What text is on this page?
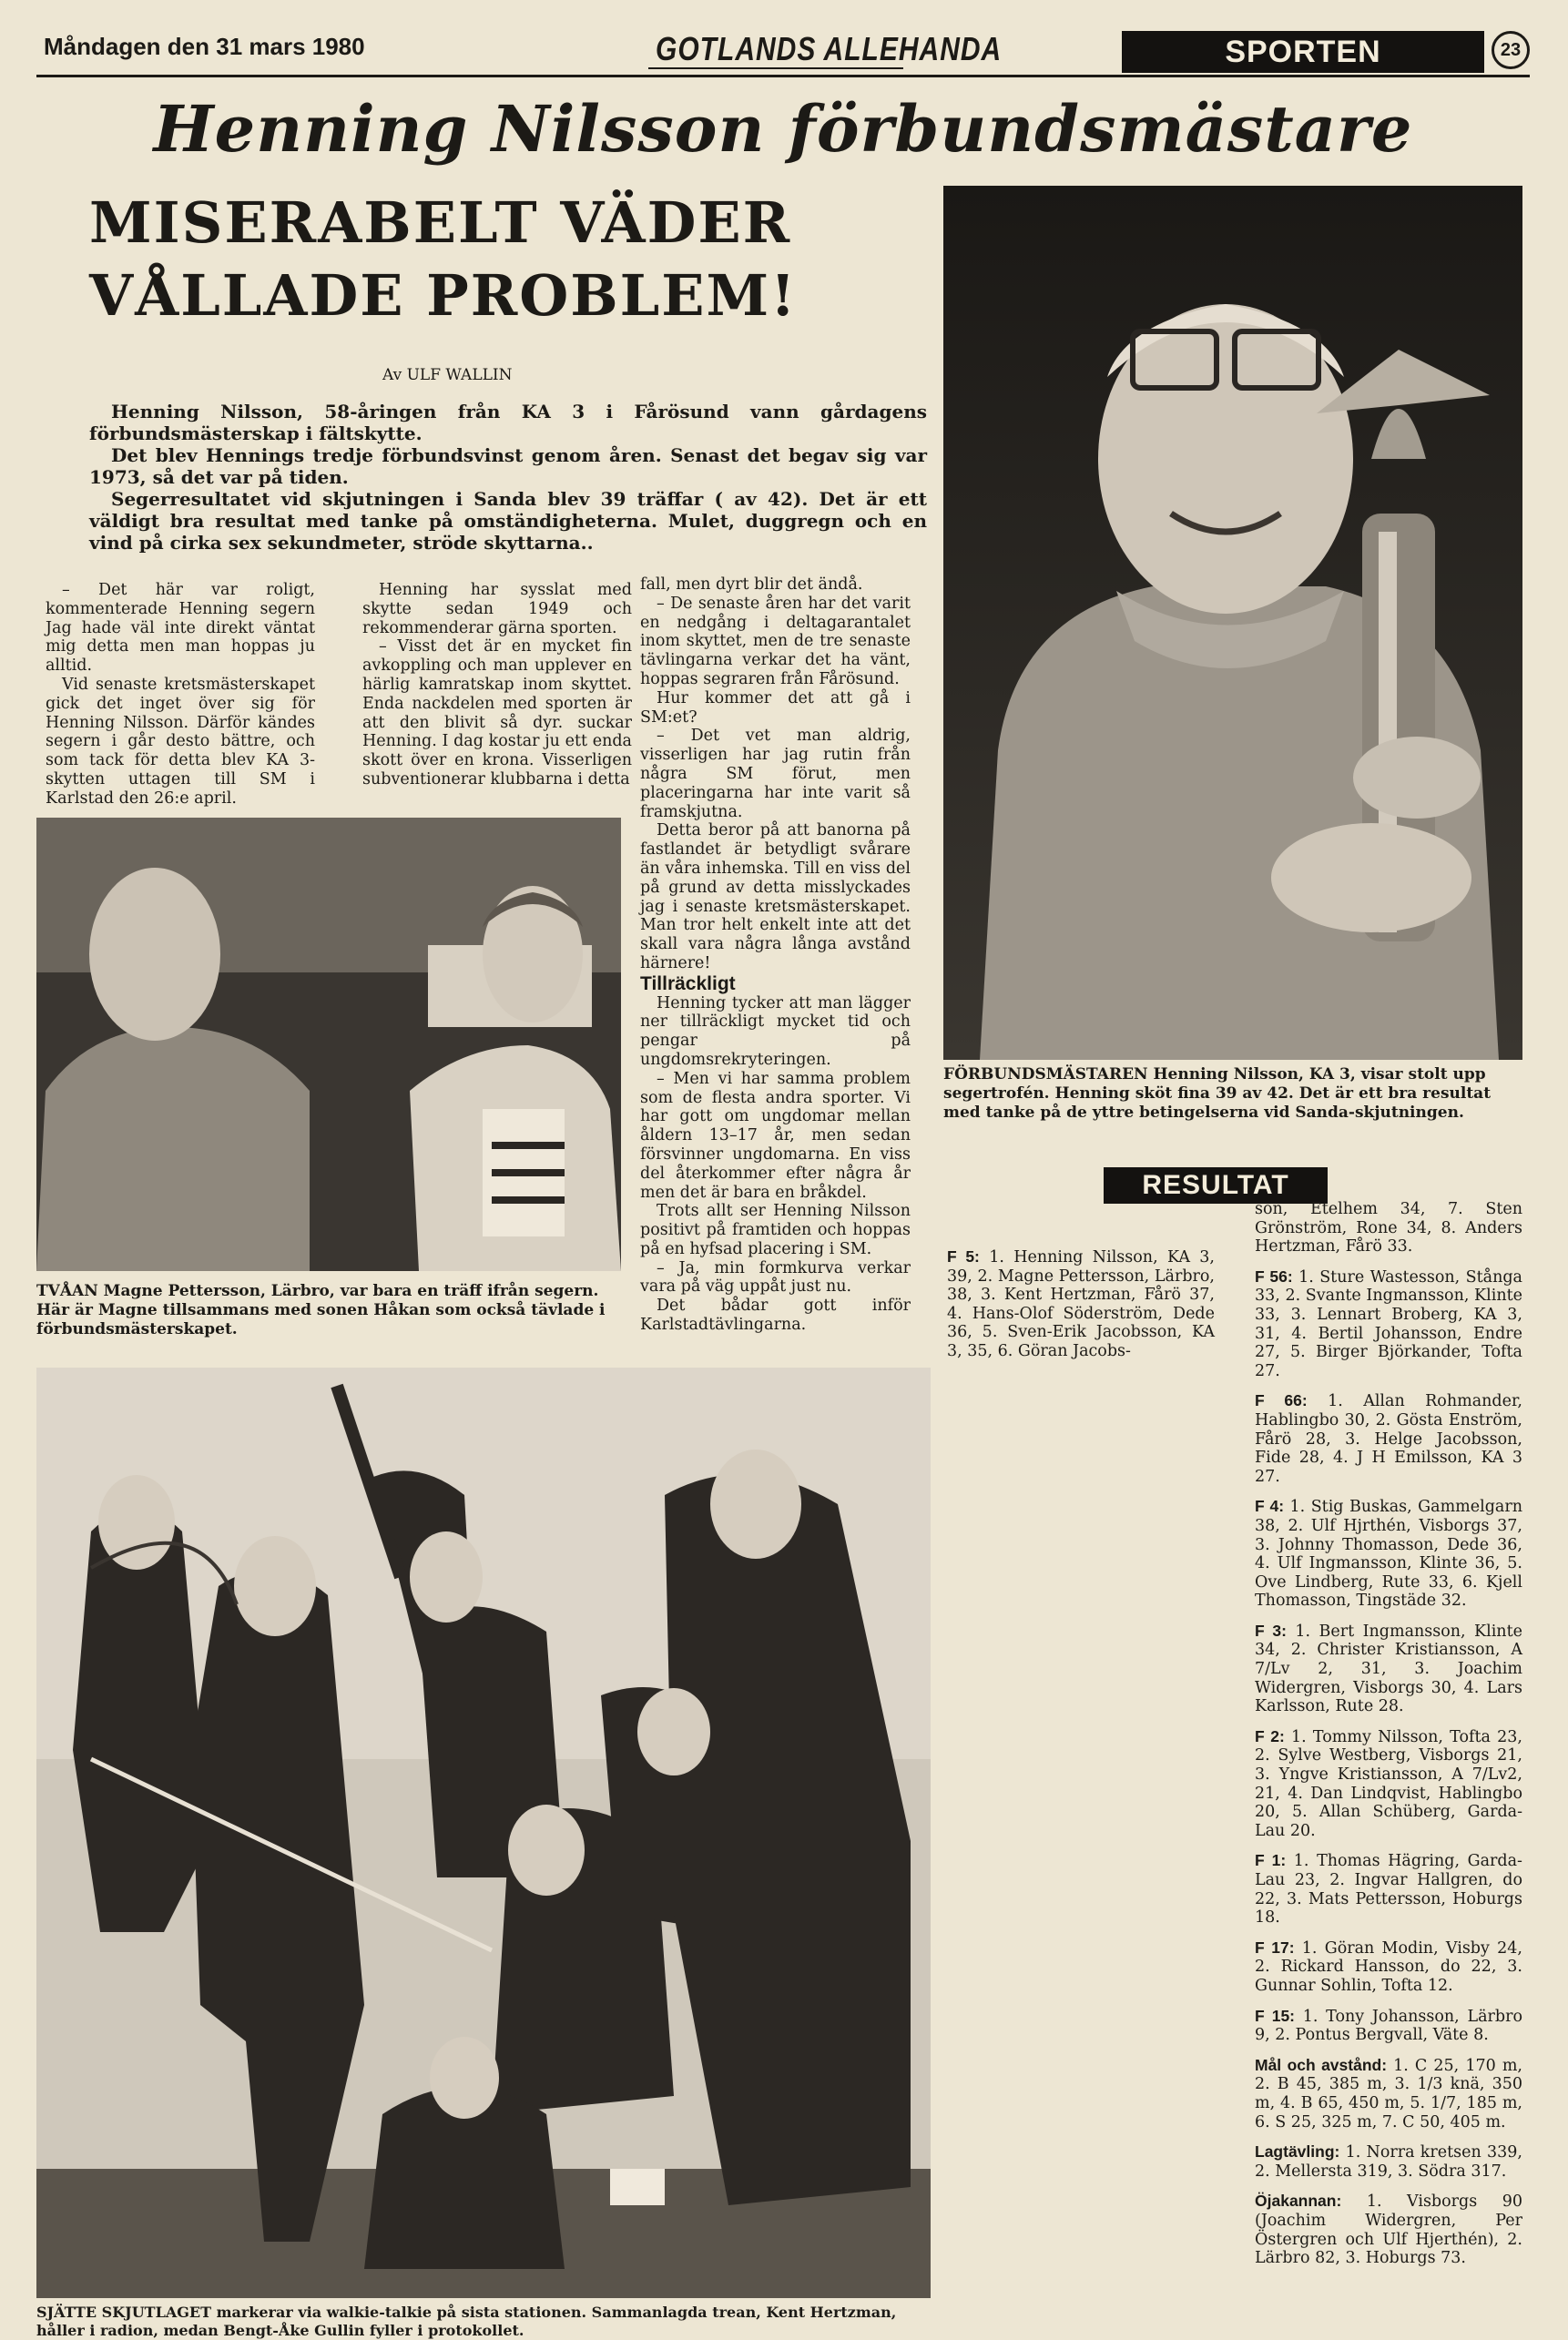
Måndagen den 31 mars 1980	GOTLANDS ALLEHANDA	SPORTEN	23
Henning Nilsson förbundsmästare
MISERABELT VÄDER
VÅLLADE PROBLEM!
Av ULF WALLIN

Henning Nilsson, 58-åringen från KA 3 i Fårösund vann gårdagens förbundsmästerskap i fältskytte.

Det blev Hennings tredje förbundsvinst genom åren. Senast det begav sig var 1973, så det var på tiden.

Segerresultatet vid skjutningen i Sanda blev 39 träffar ( av 42). Det är ett väldigt bra resultat med tanke på omständigheterna. Mulet, duggregn och en vind på cirka sex sekundmeter, ströde skyttarna..

– Det här var roligt, kommenterade Henning segern Jag hade väl inte direkt väntat mig detta men man hoppas ju alltid.

Vid senaste kretsmästerskapet gick det inget över sig för Henning Nilsson. Därför kändes segern i går desto bättre, och som tack för detta blev KA 3-skytten uttagen till SM i Karlstad den 26:e april.

Henning har sysslat med skytte sedan 1949 och rekommenderar gärna sporten.

– Visst det är en mycket fin avkoppling och man upplever en härlig kamratskap inom skyttet. Enda nackdelen med sporten är att den blivit så dyr. suckar Henning. I dag kostar ju ett enda skott över en krona. Visserligen subventionerar klubbarna i detta

fall, men dyrt blir det ändå.

– De senaste åren har det varit en nedgång i deltagarantalet inom skyttet, men de tre senaste tävlingarna verkar det ha vänt, hoppas segraren från Fårösund.

Hur kommer det att gå i SM:et?

– Det vet man aldrig, visserligen har jag rutin från några SM förut, men placeringarna har inte varit så framskjutna.

Detta beror på att banorna på fastlandet är betydligt svårare än våra inhemska. Till en viss del på grund av detta misslyckades jag i senaste kretsmästerskapet. Man tror helt enkelt inte att det skall vara några långa avstånd härnere!

Tillräckligt

Henning tycker att man lägger ner tillräckligt mycket tid och pengar på ungdomsrekryteringen.

– Men vi har samma problem som de flesta andra sporter. Vi har gott om ungdomar mellan åldern 13–17 år, men sedan försvinner ungdomarna. En viss del återkommer efter några år men det är bara en bråkdel.

Trots allt ser Henning Nilsson positivt på framtiden och hoppas på en hyfsad placering i SM.

– Ja, min formkurva verkar vara på väg uppåt just nu.

Det bådar gott inför Karlstadtävlingarna.

FÖRBUNDSMÄSTAREN Henning Nilsson, KA 3, visar stolt upp segertrofén. Henning sköt fina 39 av 42. Det är ett bra resultat med tanke på de yttre betingelserna vid Sanda-skjutningen.
TVÅAN Magne Pettersson, Lärbro, var bara en träff ifrån segern. Här är Magne tillsammans med sonen Håkan som också tävlade i förbundsmästerskapet.
SJÄTTE SKJUTLAGET markerar via walkie-talkie på sista stationen. Sammanlagda trean, Kent Hertzman, håller i radion, medan Bengt-Åke Gullin fyller i protokollet.
RESULTAT

F 5: 1. Henning Nilsson, KA 3, 39, 2. Magne Pettersson, Lärbro, 38, 3. Kent Hertzman, Fårö 37, 4. Hans-Olof Söderström, Dede 36, 5. Sven-Erik Jacobsson, KA 3, 35, 6. Göran Jacobs-

son, Etelhem 34, 7. Sten Grönström, Rone 34, 8. Anders Hertzman, Fårö 33.

F 56: 1. Sture Wastesson, Stånga 33, 2. Svante Ingmansson, Klinte 33, 3. Lennart Broberg, KA 3, 31, 4. Bertil Johansson, Endre 27, 5. Birger Björkander, Tofta 27.

F 66: 1. Allan Rohmander, Hablingbo 30, 2. Gösta Enström, Fårö 28, 3. Helge Jacobsson, Fide 28, 4. J H Emilsson, KA 3 27.

F 4: 1. Stig Buskas, Gammelgarn 38, 2. Ulf Hjrthén, Visborgs 37, 3. Johnny Thomasson, Dede 36, 4. Ulf Ingmansson, Klinte 36, 5. Ove Lindberg, Rute 33, 6. Kjell Thomasson, Tingstäde 32.

F 3: 1. Bert Ingmansson, Klinte 34, 2. Christer Kristiansson, A 7/Lv 2, 31, 3. Joachim Widergren, Visborgs 30, 4. Lars Karlsson, Rute 28.

F 2: 1. Tommy Nilsson, Tofta 23, 2. Sylve Westberg, Visborgs 21, 3. Yngve Kristiansson, A 7/Lv2, 21, 4. Dan Lindqvist, Hablingbo 20, 5. Allan Schüberg, Garda-Lau 20.

F 1: 1. Thomas Hägring, Garda-Lau 23, 2. Ingvar Hallgren, do 22, 3. Mats Pettersson, Hoburgs 18.

F 17: 1. Göran Modin, Visby 24, 2. Rickard Hansson, do 22, 3. Gunnar Sohlin, Tofta 12.

F 15: 1. Tony Johansson, Lärbro 9, 2. Pontus Bergvall, Väte 8.

Mål och avstånd: 1. C 25, 170 m, 2. B 45, 385 m, 3. 1/3 knä, 350 m, 4. B 65, 450 m, 5. 1/7, 185 m, 6. S 25, 325 m, 7. C 50, 405 m.

Lagtävling: 1. Norra kretsen 339, 2. Mellersta 319, 3. Södra 317.

Öjakannan: 1. Visborgs 90 (Joachim Widergren, Per Östergren och Ulf Hjerthén), 2. Lärbro 82, 3. Hoburgs 73.
